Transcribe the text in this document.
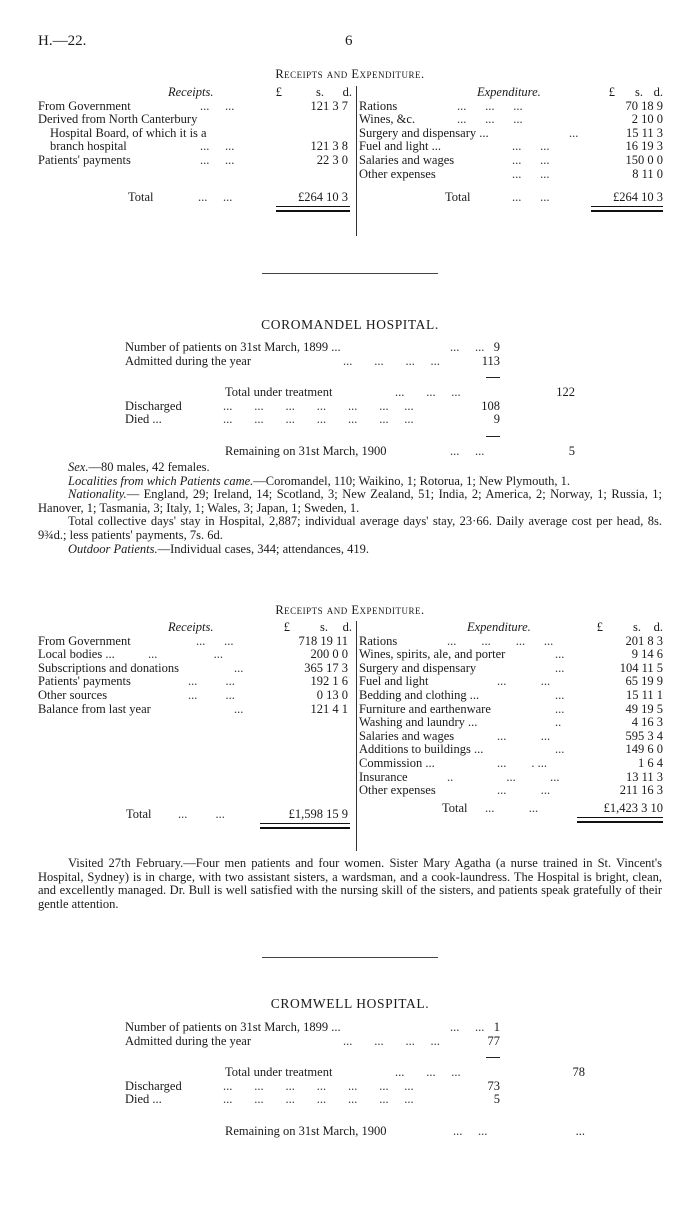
H.—22.	6
Receipts and Expenditure.
Receipts.	£	s. d.
From Government	...     ...	121 3 7
Derived from North Canterbury
Hospital Board, of which it is a
branch hospital	...     ...	121 3 8
Patients' payments	...     ...	22 3 0
Total	...     ...	£264 10 3
Expenditure.	£ s. d.
Rations	...      ...      ...	70 18 9
Wines, &c.	...      ...      ...	2 10 0
Surgery and dispensary ...	...	15 11 3
Fuel and light ...	...      ...	16 19 3
Salaries and wages	...      ...	150 0 0
Other expenses	...      ...	8 11 0
Total	...      ...	£264 10 3
COROMANDEL HOSPITAL.
Number of patients on 31st March, 1899 ...	...     ... 9
Admitted during the year	...       ...       ...     ...	113
Total under treatment	...       ...     ...	122
Discharged	...       ...       ...       ...       ...       ...     ...	108
Died ...	...       ...       ...       ...       ...       ...     ...	9
Remaining on 31st March, 1900	...     ...	5
Sex.—80 males, 42 females.
Localities from which Patients came.—Coromandel, 110; Waikino, 1; Rotorua, 1; New Plymouth, 1.
Nationality.— England, 29; Ireland, 14; Scotland, 3; New Zealand, 51; India, 2; America, 2; Norway, 1; Russia, 1; Hanover, 1; Tasmania, 3; Italy, 1; Wales, 3; Japan, 1; Sweden, 1.
Total collective days' stay in Hospital, 2,887; individual average days' stay, 23·66. Daily average cost per head, 8s. 9¾d.; less patients' payments, 7s. 6d.
Outdoor Patients.—Individual cases, 344; attendances, 419.
Receipts and Expenditure.
Receipts.	£ s. d.
From Government	...      ...	718 19 11
Local bodies ...	...                  ...	200 0 0
Subscriptions and donations	...	365 17 3
Patients' payments	...         ...	192 1 6
Other sources	...         ...	0 13 0
Balance from last year	...	121 4 1
Total ...         ...	£1,598 15 9
Expenditure.	£ s. d.
Rations	...        ...        ...      ...	201 8 3
Wines, spirits, ale, and porter	...	9 14 6
Surgery and dispensary	...	104 11 5
Fuel and light	...           ...	65 19 9
Bedding and clothing ...	...	15 11 1
Furniture and earthenware	...	49 19 5
Washing and laundry ...	..	4 16 3
Salaries and wages	...           ...	595 3 4
Additions to buildings ...	...	149 6 0
Commission ...	...        . ...	1 6 4
Insurance	..                 ...           ...	13 11 3
Other expenses	...           ...	211 16 3
Total ...           ...	£1,423 3 10
Visited 27th February.—Four men patients and four women. Sister Mary Agatha (a nurse trained in St. Vincent's Hospital, Sydney) is in charge, with two assistant sisters, a wardsman, and a cook-laundress. The Hospital is bright, clean, and excellently managed. Dr. Bull is well satisfied with the nursing skill of the sisters, and patients speak gratefully of their gentle attention.
CROMWELL HOSPITAL.
Number of patients on 31st March, 1899 ...	...     ... 1
Admitted during the year	...       ...       ...     ...	77
Total under treatment	...       ...     ...	78
Discharged	...       ...       ...       ...       ...       ...     ...	73
Died ...	...       ...       ...       ...       ...       ...     ...	5
Remaining on 31st March, 1900	...     ...	...
